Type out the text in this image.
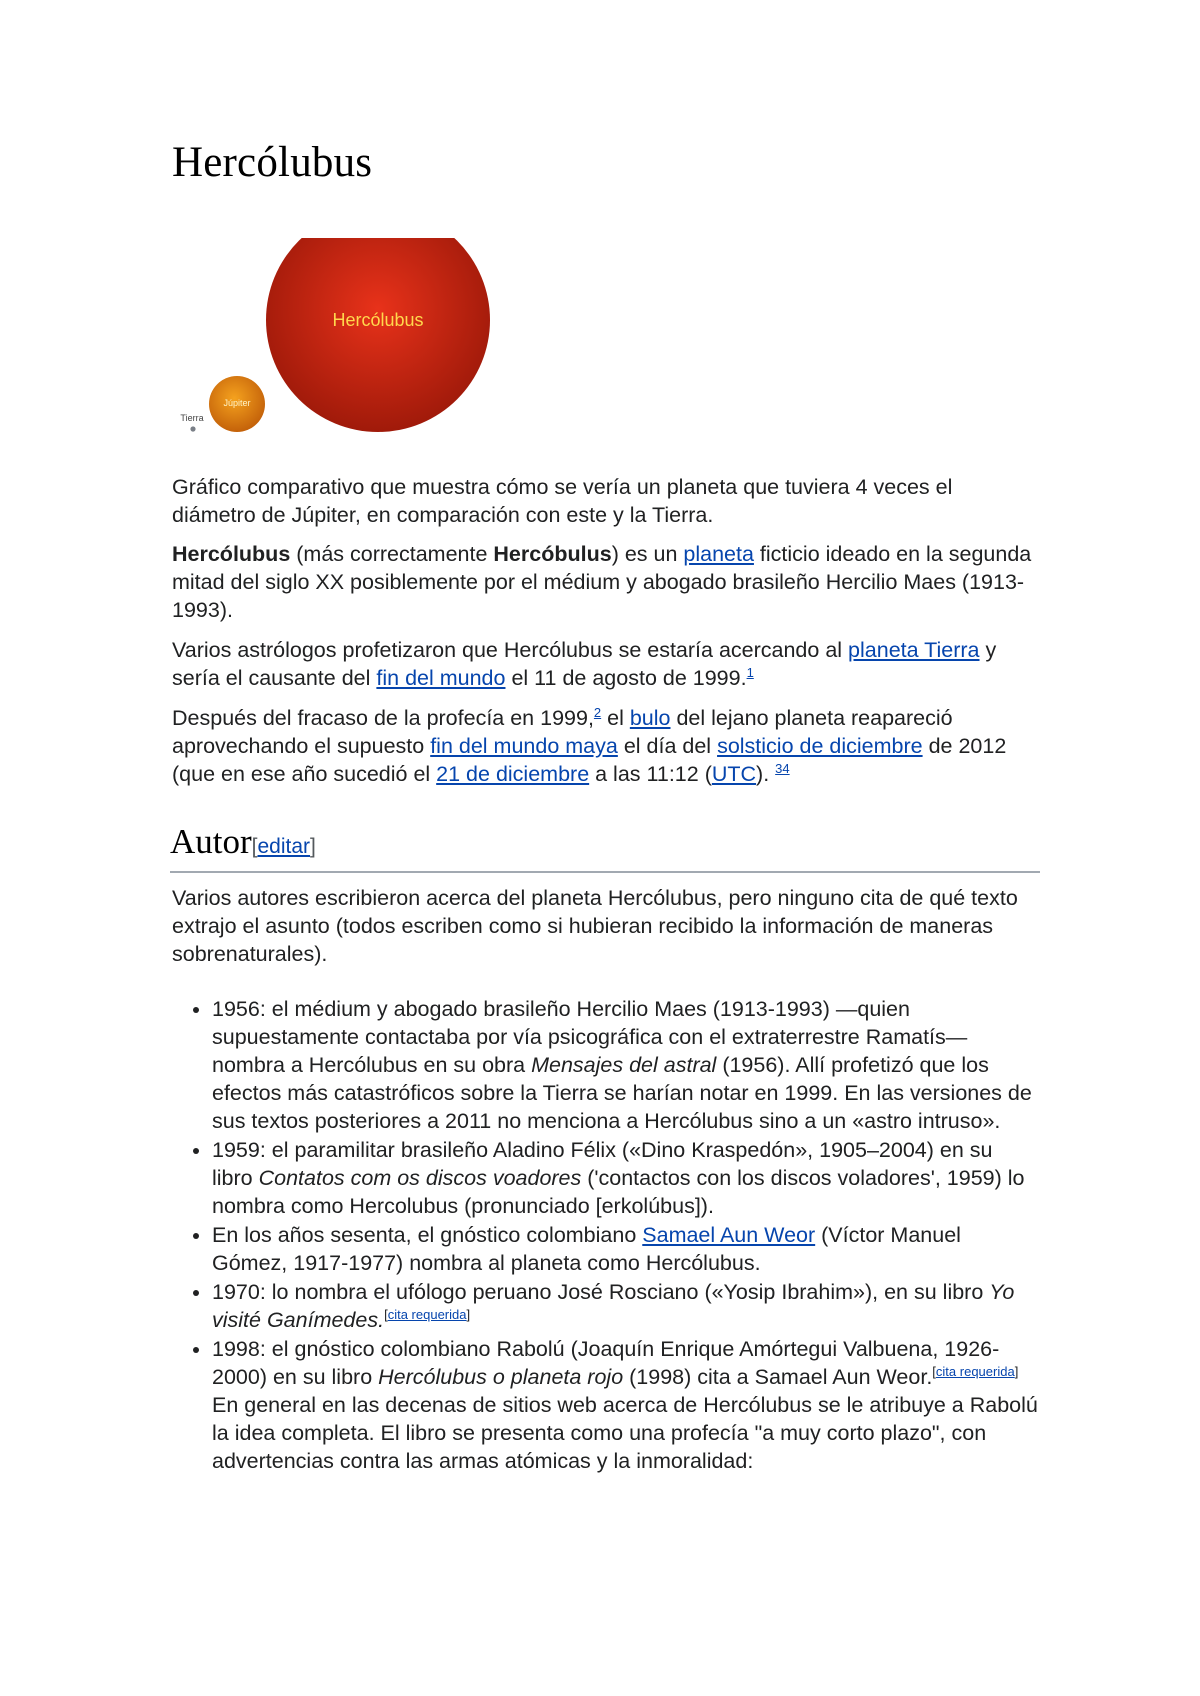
Hercólubus
Hercólubus
Júpiter
Tierra

Gráfico comparativo que muestra cómo se vería un planeta que tuviera 4 veces el diámetro de Júpiter, en comparación con este y la Tierra.

Hercólubus (más correctamente Hercóbulus) es un planeta ficticio ideado en la segunda mitad del siglo XX posiblemente por el médium y abogado brasileño Hercilio Maes (1913-1993).

Varios astrólogos profetizaron que Hercólubus se estaría acercando al planeta Tierra y sería el causante del fin del mundo el 11 de agosto de 1999.$^1$

Después del fracaso de la profecía en 1999,$^2$ el bulo del lejano planeta reapareció aprovechando el supuesto fin del mundo maya el día del solsticio de diciembre de 2012 (que en ese año sucedió el 21 de diciembre a las 11:12 (UTC). $^{34}$

Autor[editar]

Varios autores escribieron acerca del planeta Hercólubus, pero ninguno cita de qué texto extrajo el asunto (todos escriben como si hubieran recibido la información de maneras sobrenaturales).

• 1956: el médium y abogado brasileño Hercilio Maes (1913-1993) —quien supuestamente contactaba por vía psicográfica con el extraterrestre Ramatís— nombra a Hercólubus en su obra Mensajes del astral (1956). Allí profetizó que los efectos más catastróficos sobre la Tierra se harían notar en 1999. En las versiones de sus textos posteriores a 2011 no menciona a Hercólubus sino a un «astro intruso».
• 1959: el paramilitar brasileño Aladino Félix («Dino Kraspedón», 1905–2004) en su libro Contatos com os discos voadores ('contactos con los discos voladores', 1959) lo nombra como Hercolubus (pronunciado [erkolúbus]).
• En los años sesenta, el gnóstico colombiano Samael Aun Weor (Víctor Manuel Gómez, 1917-1977) nombra al planeta como Hercólubus.
• 1970: lo nombra el ufólogo peruano José Rosciano («Yosip Ibrahim»), en su libro Yo visité Ganímedes.[cita requerida]
• 1998: el gnóstico colombiano Rabolú (Joaquín Enrique Amórtegui Valbuena, 1926-2000) en su libro Hercólubus o planeta rojo (1998) cita a Samael Aun Weor.[cita requerida] En general en las decenas de sitios web acerca de Hercólubus se le atribuye a Rabolú la idea completa. El libro se presenta como una profecía "a muy corto plazo", con advertencias contra las armas atómicas y la inmoralidad:
